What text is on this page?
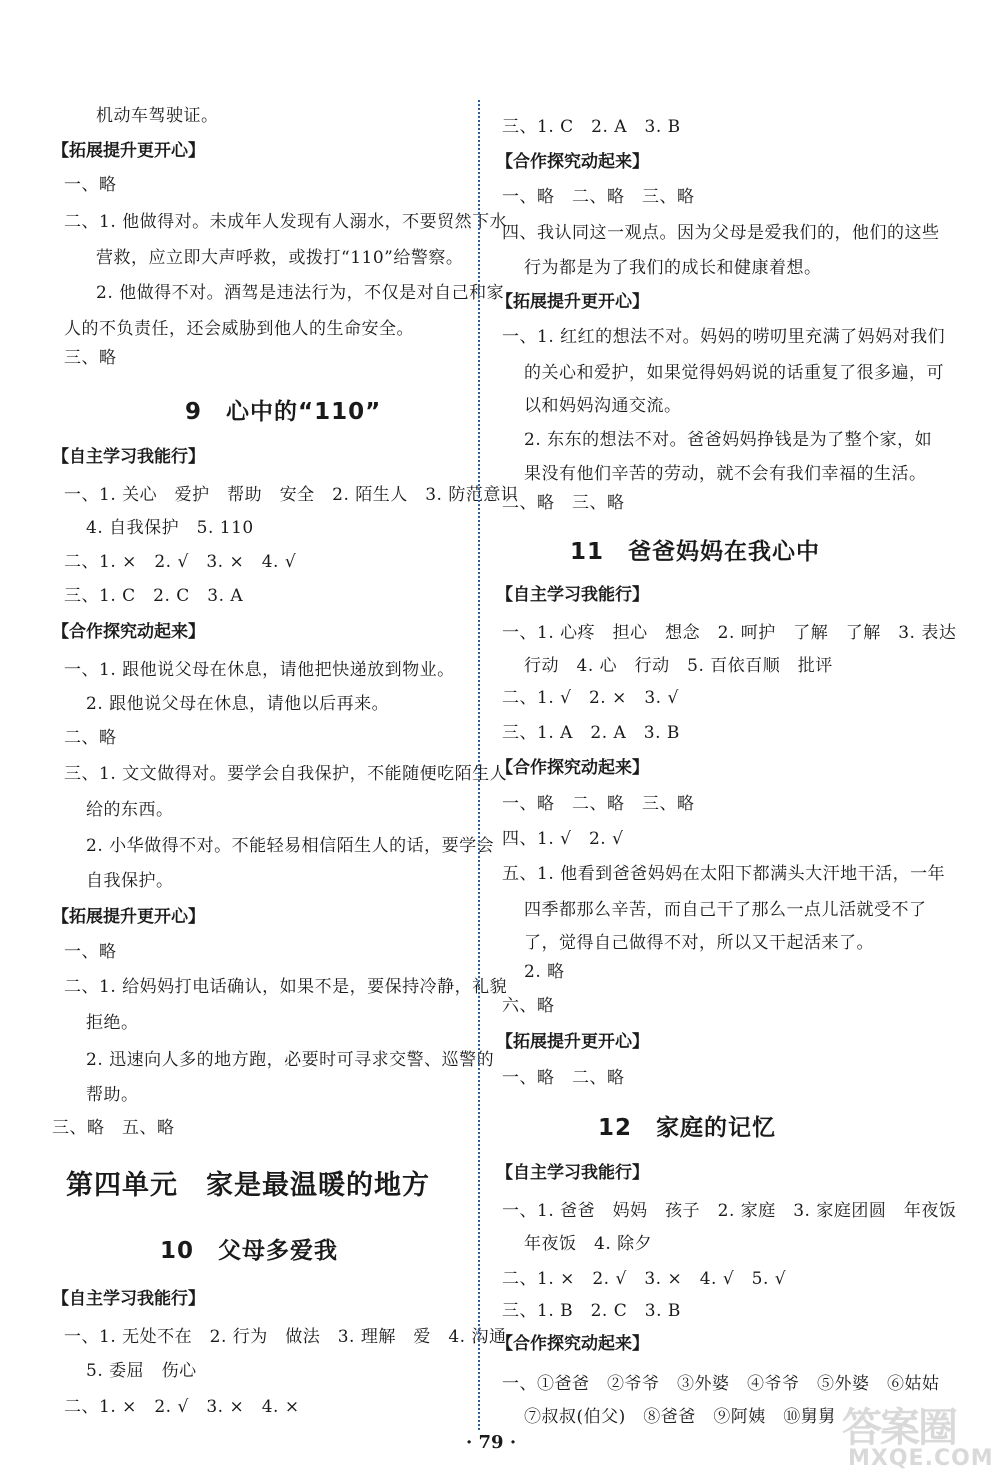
机动车驾驶证。
【拓展提升更开心】
一、略
二、1. 他做得对。未成年人发现有人溺水，不要贸然下水
营救，应立即大声呼救，或拨打“110”给警察。
2. 他做得不对。酒驾是违法行为，不仅是对自己和家
人的不负责任，还会威胁到他人的生命安全。
三、略
9　心中的“110”
【自主学习我能行】
一、1. 关心　爱护　帮助　安全　2. 陌生人　3. 防范意识
4. 自我保护　5. 110
二、1. ×　2. √　3. ×　4. √
三、1. C　2. C　3. A
【合作探究动起来】
一、1. 跟他说父母在休息，请他把快递放到物业。
2. 跟他说父母在休息，请他以后再来。
二、略
三、1. 文文做得对。要学会自我保护，不能随便吃陌生人
给的东西。
2. 小华做得不对。不能轻易相信陌生人的话，要学会
自我保护。
【拓展提升更开心】
一、略
二、1. 给妈妈打电话确认，如果不是，要保持冷静，礼貌
拒绝。
2. 迅速向人多的地方跑，必要时可寻求交警、巡警的
帮助。
三、略　五、略
第四单元　家是最温暖的地方
10　父母多爱我
【自主学习我能行】
一、1. 无处不在　2. 行为　做法　3. 理解　爱　4. 沟通
5. 委屈　伤心
二、1. ×　2. √　3. ×　4. ×
三、1. C　2. A　3. B
【合作探究动起来】
一、略　二、略　三、略
四、我认同这一观点。因为父母是爱我们的，他们的这些
行为都是为了我们的成长和健康着想。
【拓展提升更开心】
一、1. 红红的想法不对。妈妈的唠叨里充满了妈妈对我们
的关心和爱护，如果觉得妈妈说的话重复了很多遍，可
以和妈妈沟通交流。
2. 东东的想法不对。爸爸妈妈挣钱是为了整个家，如
果没有他们辛苦的劳动，就不会有我们幸福的生活。
二、略　三、略
11　爸爸妈妈在我心中
【自主学习我能行】
一、1. 心疼　担心　想念　2. 呵护　了解　了解　3. 表达
行动　4. 心　行动　5. 百依百顺　批评
二、1. √　2. ×　3. √
三、1. A　2. A　3. B
【合作探究动起来】
一、略　二、略　三、略
四、1. √　2. √
五、1. 他看到爸爸妈妈在太阳下都满头大汗地干活，一年
四季都那么辛苦，而自己干了那么一点儿活就受不了
了，觉得自己做得不对，所以又干起活来了。
2. 略
六、略
【拓展提升更开心】
一、略　二、略
12　家庭的记忆
【自主学习我能行】
一、1. 爸爸　妈妈　孩子　2. 家庭　3. 家庭团圆　年夜饭
年夜饭　4. 除夕
二、1. ×　2. √　3. ×　4. √　5. √
三、1. B　2. C　3. B
【合作探究动起来】
一、①爸爸　②爷爷　③外婆　④爷爷　⑤外婆　⑥姑姑
⑦叔叔(伯父)　⑧爸爸　⑨阿姨　⑩舅舅
· 79 ·	答案圈
MXQE.COM
